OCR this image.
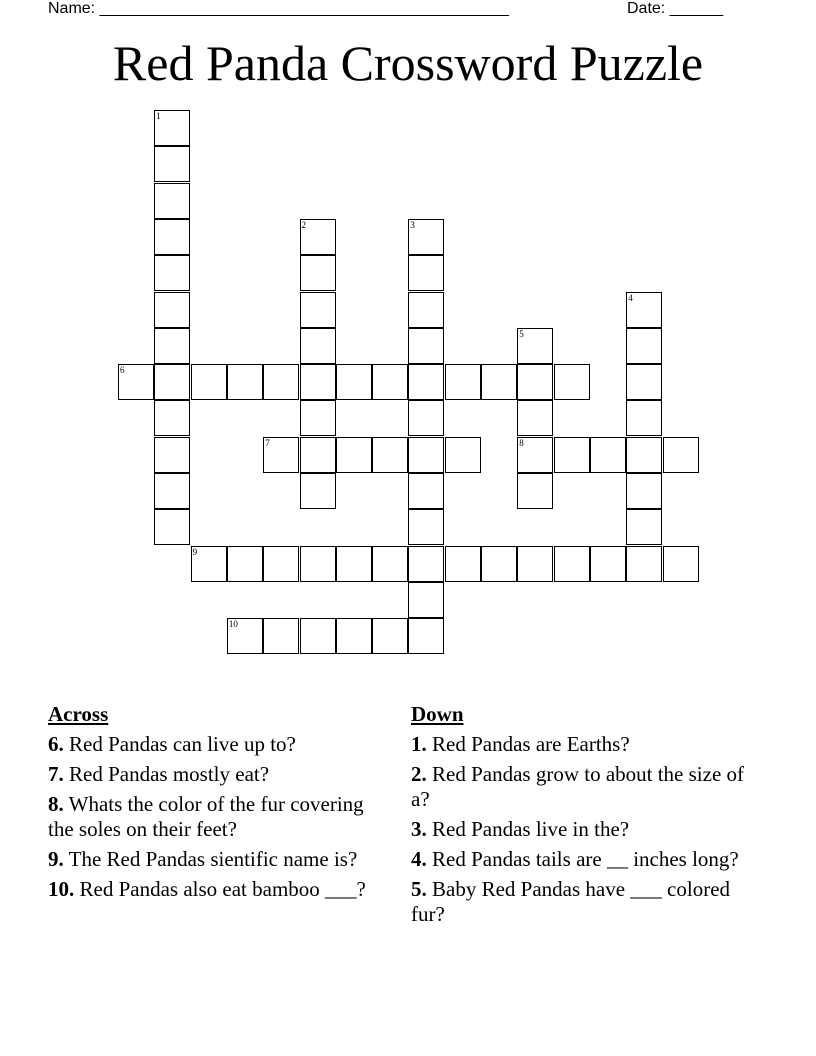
Name: ______________________________________________	Date: ______
Red Panda Crossword Puzzle
1
2	3
4
5
8
6
7
9
10
Across
6. Red Pandas can live up to?
7. Red Pandas mostly eat?
8. Whats the color of the fur covering the soles on their feet?
9. The Red Pandas sientific name is?
10. Red Pandas also eat bamboo ___?
Down
1. Red Pandas are Earths?
2. Red Pandas grow to about the size of a?
3. Red Pandas live in the?
4. Red Pandas tails are __ inches long?
5. Baby Red Pandas have ___ colored fur?
